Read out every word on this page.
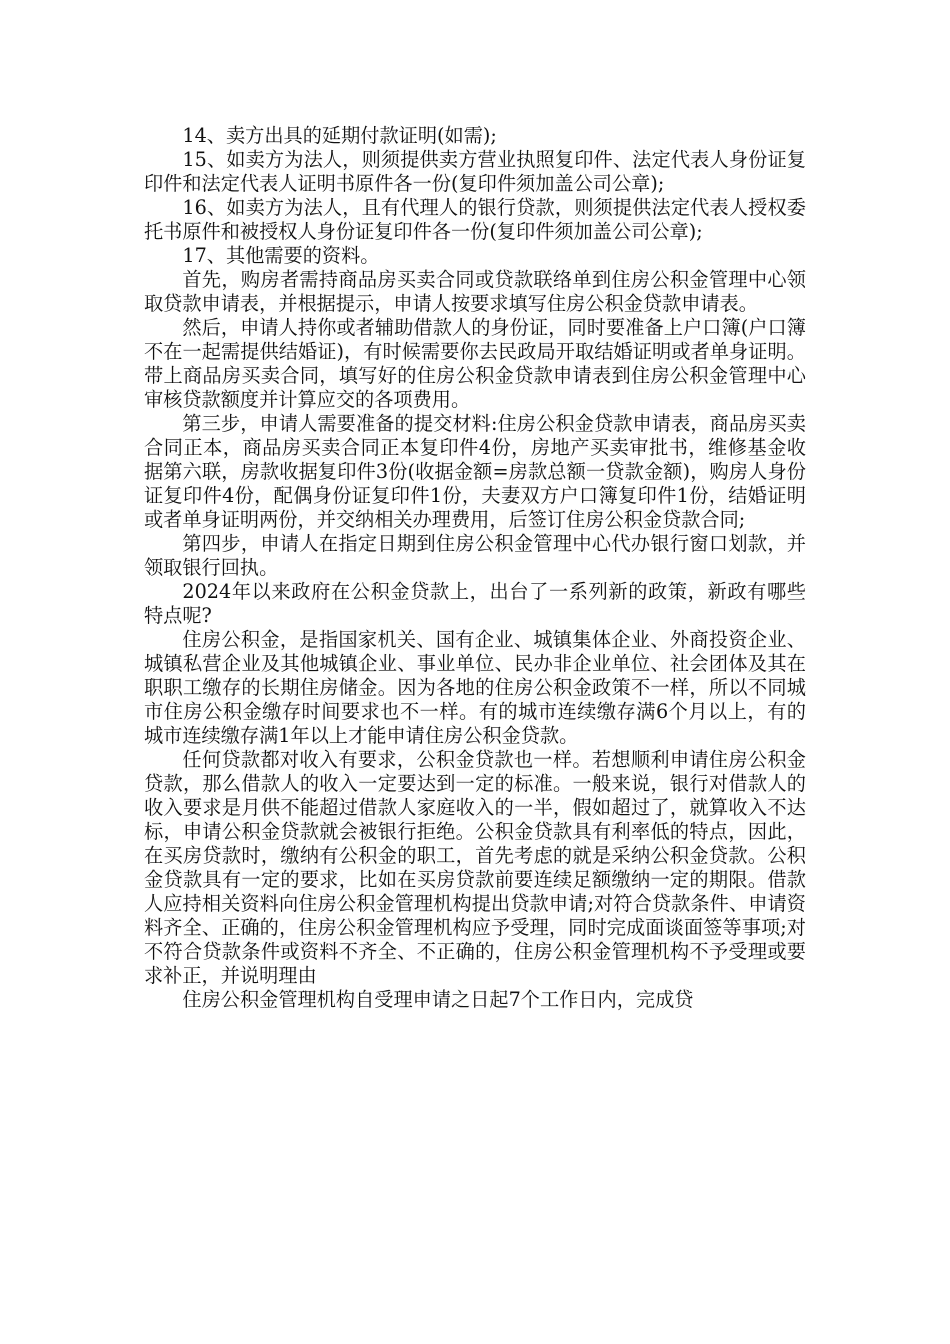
14、卖方出具的延期付款证明(如需);

15、如卖方为法人，则须提供卖方营业执照复印件、法定代表人身份证复印件和法定代表人证明书原件各一份(复印件须加盖公司公章);

16、如卖方为法人，且有代理人的银行贷款，则须提供法定代表人授权委托书原件和被授权人身份证复印件各一份(复印件须加盖公司公章);

17、其他需要的资料。

首先，购房者需持商品房买卖合同或贷款联络单到住房公积金管理中心领取贷款申请表，并根据提示，申请人按要求填写住房公积金贷款申请表。

然后，申请人持你或者辅助借款人的身份证，同时要准备上户口簿(户口簿不在一起需提供结婚证)，有时候需要你去民政局开取结婚证明或者单身证明。带上商品房买卖合同，填写好的住房公积金贷款申请表到住房公积金管理中心审核贷款额度并计算应交的各项费用。

第三步，申请人需要准备的提交材料:住房公积金贷款申请表，商品房买卖合同正本，商品房买卖合同正本复印件4份，房地产买卖审批书，维修基金收据第六联，房款收据复印件3份(收据金额=房款总额一贷款金额)，购房人身份证复印件4份，配偶身份证复印件1份，夫妻双方户口簿复印件1份，结婚证明或者单身证明两份，并交纳相关办理费用，后签订住房公积金贷款合同;

第四步，申请人在指定日期到住房公积金管理中心代办银行窗口划款，并领取银行回执。

2024年以来政府在公积金贷款上，出台了一系列新的政策，新政有哪些特点呢?

住房公积金，是指国家机关、国有企业、城镇集体企业、外商投资企业、城镇私营企业及其他城镇企业、事业单位、民办非企业单位、社会团体及其在职职工缴存的长期住房储金。因为各地的住房公积金政策不一样，所以不同城市住房公积金缴存时间要求也不一样。有的城市连续缴存满6个月以上，有的城市连续缴存满1年以上才能申请住房公积金贷款。

任何贷款都对收入有要求，公积金贷款也一样。若想顺利申请住房公积金贷款，那么借款人的收入一定要达到一定的标准。一般来说，银行对借款人的收入要求是月供不能超过借款人家庭收入的一半，假如超过了，就算收入不达标，申请公积金贷款就会被银行拒绝。公积金贷款具有利率低的特点，因此，在买房贷款时，缴纳有公积金的职工，首先考虑的就是采纳公积金贷款。公积金贷款具有一定的要求，比如在买房贷款前要连续足额缴纳一定的期限。借款人应持相关资料向住房公积金管理机构提出贷款申请;对符合贷款条件、申请资料齐全、正确的，住房公积金管理机构应予受理，同时完成面谈面签等事项;对不符合贷款条件或资料不齐全、不正确的，住房公积金管理机构不予受理或要求补正，并说明理由

住房公积金管理机构自受理申请之日起7个工作日内，完成贷
